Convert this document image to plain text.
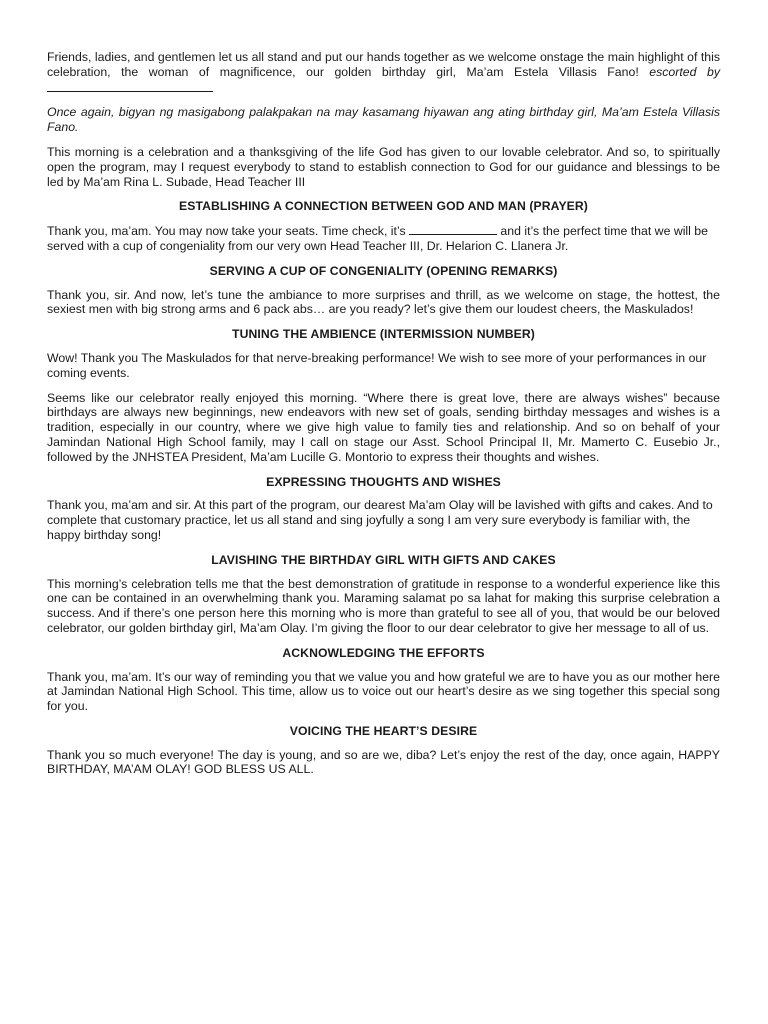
Friends, ladies, and gentlemen let us all stand and put our hands together as we welcome onstage the main highlight of this celebration, the woman of magnificence, our golden birthday girl, Ma’am Estela Villasis Fano! escorted by

Once again, bigyan ng masigabong palakpakan na may kasamang hiyawan ang ating birthday girl, Ma’am Estela Villasis Fano.

This morning is a celebration and a thanksgiving of the life God has given to our lovable celebrator. And so, to spiritually open the program, may I request everybody to stand to establish connection to God for our guidance and blessings to be led by Ma’am Rina L. Subade, Head Teacher III

ESTABLISHING A CONNECTION BETWEEN GOD AND MAN (PRAYER)

Thank you, ma’am. You may now take your seats. Time check, it’s	and it’s the perfect time that we will be served with a cup of congeniality from our very own Head Teacher III, Dr. Helarion C. Llanera Jr.

SERVING A CUP OF CONGENIALITY (OPENING REMARKS)

Thank you, sir. And now, let’s tune the ambiance to more surprises and thrill, as we welcome on stage, the hottest, the sexiest men with big strong arms and 6 pack abs… are you ready? let’s give them our loudest cheers, the Maskulados!

TUNING THE AMBIENCE (INTERMISSION NUMBER)

Wow! Thank you The Maskulados for that nerve-breaking performance! We wish to see more of your performances in our coming events.

Seems like our celebrator really enjoyed this morning. “Where there is great love, there are always wishes” because birthdays are always new beginnings, new endeavors with new set of goals, sending birthday messages and wishes is a tradition, especially in our country, where we give high value to family ties and relationship. And so on behalf of your Jamindan National High School family, may I call on stage our Asst. School Principal II, Mr. Mamerto C. Eusebio Jr., followed by the JNHSTEA President, Ma’am Lucille G. Montorio to express their thoughts and wishes.

EXPRESSING THOUGHTS AND WISHES

Thank you, ma’am and sir. At this part of the program, our dearest Ma’am Olay will be lavished with gifts and cakes. And to complete that customary practice, let us all stand and sing joyfully a song I am very sure everybody is familiar with, the happy birthday song!

LAVISHING THE BIRTHDAY GIRL WITH GIFTS AND CAKES

This morning’s celebration tells me that the best demonstration of gratitude in response to a wonderful experience like this one can be contained in an overwhelming thank you. Maraming salamat po sa lahat for making this surprise celebration a success. And if there’s one person here this morning who is more than grateful to see all of you, that would be our beloved celebrator, our golden birthday girl, Ma’am Olay. I’m giving the floor to our dear celebrator to give her message to all of us.

ACKNOWLEDGING THE EFFORTS

Thank you, ma’am. It’s our way of reminding you that we value you and how grateful we are to have you as our mother here at Jamindan National High School. This time, allow us to voice out our heart’s desire as we sing together this special song for you.

VOICING THE HEART’S DESIRE

Thank you so much everyone! The day is young, and so are we, diba? Let’s enjoy the rest of the day, once again, HAPPY BIRTHDAY, MA’AM OLAY! GOD BLESS US ALL.
